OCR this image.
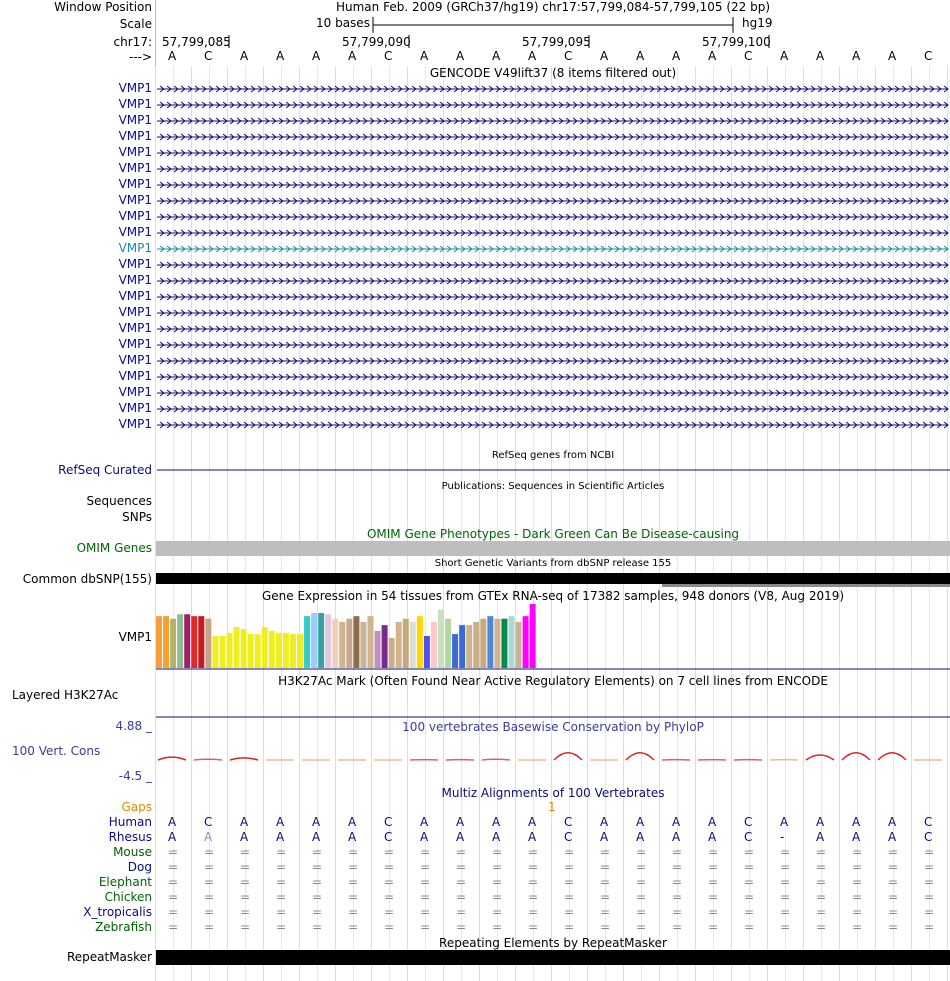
Window Position	Human Feb. 2009 (GRCh37/hg19) chr17:57,799,084-57,799,105 (22 bp)
Scale	10 bases	hg19
chr17: 57,799,085	57,799,090	57,799,095	57,799,100
--->
GENCODE V49lift37 (8 items filtered out)
RefSeq genes from NCBI
RefSeq Curated
Publications: Sequences in Scientific Articles
Sequences
SNPs
OMIM Gene Phenotypes - Dark Green Can Be Disease-causing
OMIM Genes
Short Genetic Variants from dbSNP release 155
Common dbSNP(155)
Gene Expression in 54 tissues from GTEx RNA-seq of 17382 samples, 948 donors (V8, Aug 2019)
VMP1
H3K27Ac Mark (Often Found Near Active Regulatory Elements) on 7 cell lines from ENCODE
Layered H3K27Ac
100 vertebrates Basewise Conservation by PhyloP
4.88 _
100 Vert. Cons
-4.5 _
Multiz Alignments of 100 Vertebrates
Gaps	1
Repeating Elements by RepeatMasker
RepeatMasker
A C A A A A C A A A A C A A A A C A A A A C
VMP1
VMP1
VMP1
VMP1
VMP1
VMP1
VMP1
VMP1
VMP1
VMP1
VMP1
VMP1
VMP1
VMP1
VMP1
VMP1
VMP1
VMP1
VMP1
VMP1
VMP1
VMP1
Human A C A A A A C A A A A C A A A A C A A A A C
Rhesus A A A A A A C A A A A C A A A A C -	A A A C
Mouse = = = = = = = = = = = = = = = = = = = = = =
Dog = = = = = = = = = = = = = = = = = = = = = =
Elephant = = = = = = = = = = = = = = = = = = = = = =
Chicken = = = = = = = = = = = = = = = = = = = = = =
X_tropicalis = = = = = = = = = = = = = = = = = = = = = =
Zebrafish = = = = = = = = = = = = = = = = = = = = = =
